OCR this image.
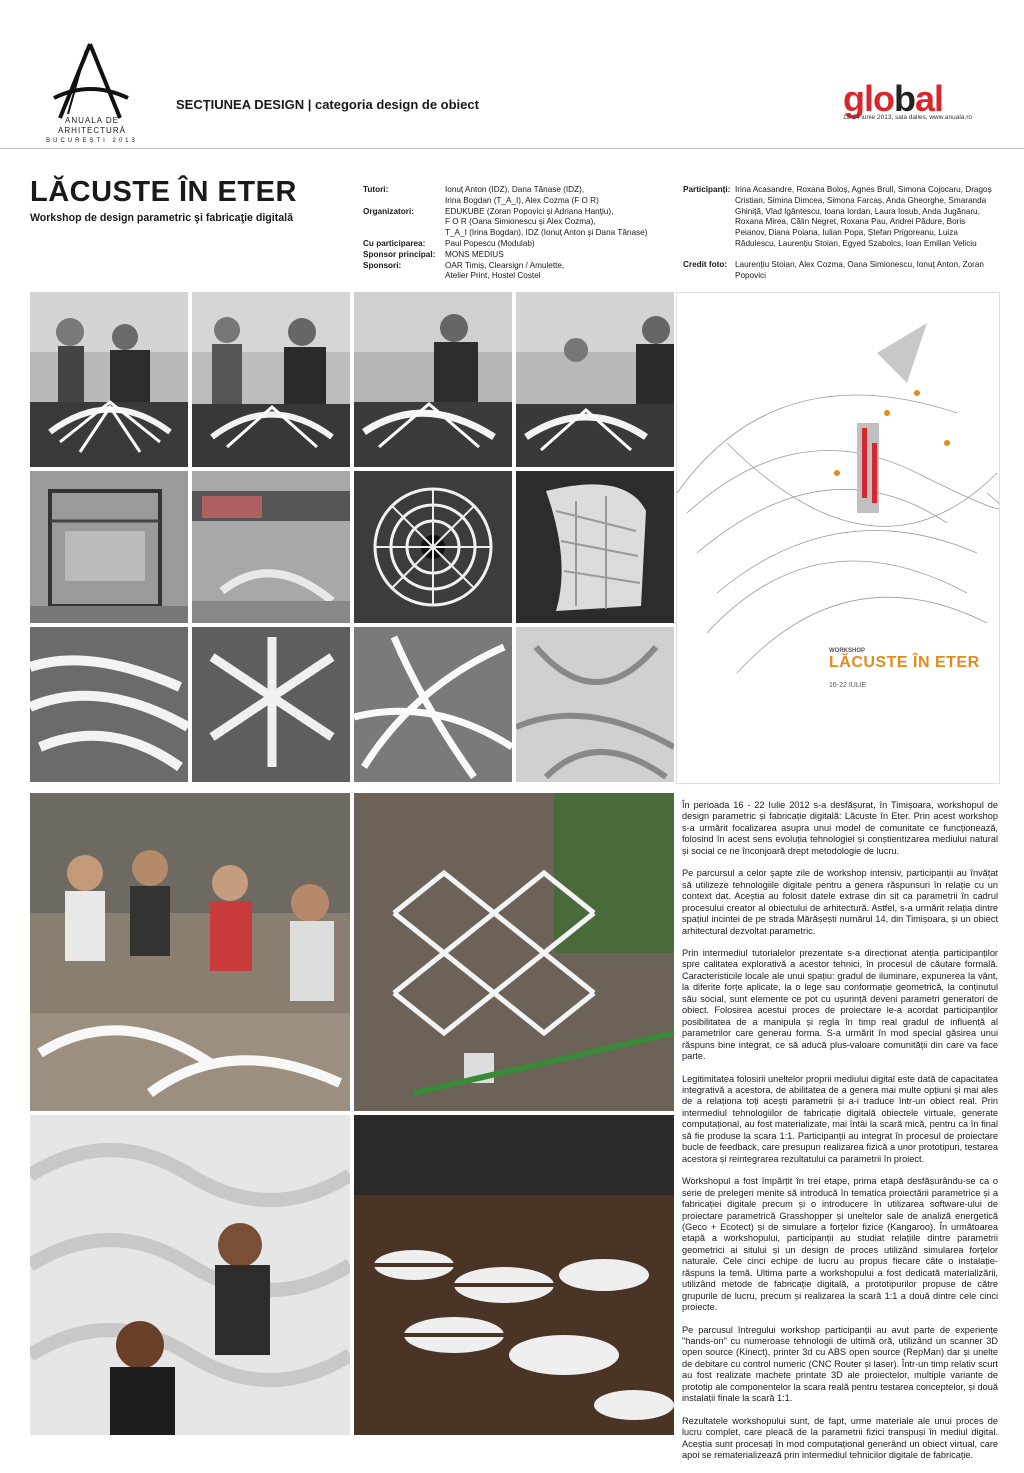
ANUALA DE ARHITECTURĂ
BUCUREȘTI 2013
SECȚIUNEA DESIGN | categoria design de obiect	global
12-24 iunie 2013, sala dalles, www.anuala.ro
LĂCUSTE ÎN ETER
Workshop de design parametric şi fabricaţie digitală
Tutori:	Ionuț Anton (IDZ), Dana Tănase (IDZ),
Irina Bogdan (T_A_I), Alex Cozma (F O R)
Organizatori:	EDUKUBE (Zoran Popovici și Adriana Hanțiu),
F O R (Oana Simionescu și Alex Cozma),
T_A_I (Irina Bogdan), IDZ (Ionuț Anton și Dana Tănase)
Cu participarea:	Paul Popescu (Modulab)
Sponsor principal:	MONS MEDIUS
Sponsori:	OAR Timiș, Clearsign / Amulette,
Atelier Print, Hostel Costel
Participanți: Irina Acasandre, Roxana Boloș, Agnes Brull, Simona Cojocaru, Dragoș Cristian, Simina Dimcea, Simona Farcaș, Anda Gheorghe, Smaranda Ghiniță, Vlad Igântescu, Ioana Iordan, Laura Iosub, Anda Jugănaru, Roxana Mirea, Călin Negret, Roxana Pau, Andrei Pădure, Boris Peianov, Diana Poiana, Iulian Popa, Ștefan Prigoreanu, Luiza Rădulescu, Laurențiu Stoian, Egyed Szabolcs, Ioan Emilian Veliciu
Credit foto: Laurențiu Stoian, Alex Cozma, Oana Simionescu, Ionuț Anton, Zoran Popovici
WORKSHOP
LĂCUSTE ÎN ETER
16-22 IULIE

În perioada 16 - 22 Iulie 2012 s-a desfășurat, în Timișoara, workshopul de design parametric și fabricație digitală: Lăcuste în Eter. Prin acest workshop s-a urmărit focalizarea asupra unui model de comunitate ce funcționează, folosind în acest sens evoluția tehnologiei și conștientizarea mediului natural și social ce ne înconjoară drept metodologie de lucru.

Pe parcursul a celor șapte zile de workshop intensiv, participanții au învățat să utilizeze tehnologiile digitale pentru a genera răspunsuri în relație cu un context dat. Aceștia au folosit datele extrase din sit ca parametrii în cadrul procesului creator al obiectului de arhitectură. Astfel, s-a urmărit relația dintre spațiul incintei de pe strada Mărășești numărul 14, din Timișoara, și un obiect arhitectural dezvoltat parametric.

Prin intermediul tutorialelor prezentate s-a direcționat atenția participanților spre calitatea explorativă a acestor tehnici, în procesul de căutare formală. Caracteristicile locale ale unui spațiu: gradul de iluminare, expunerea la vânt, la diferite forțe aplicate, la o lege sau conformație geometrică, la conținutul său social, sunt elemente ce pot cu ușurință deveni parametri generatori de obiect. Folosirea acestui proces de proiectare le-a acordat participanților posibilitatea de a manipula și regla în timp real gradul de influență al parametrilor care generau forma. S-a urmărit în mod special găsirea unui răspuns bine integrat, ce să aducă plus-valoare comunității din care va face parte.

Legitimitatea folosirii uneltelor proprii mediului digital este dată de capacitatea integrativă a acestora, de abilitatea de a genera mai multe opțiuni și mai ales de a relaționa toți acești parametrii și a-i traduce într-un obiect real. Prin intermediul tehnologiilor de fabricație digitală obiectele virtuale, generate computațional, au fost materializate, mai întâi la scară mică, pentru ca în final să fie produse la scara 1:1. Participanții au integrat în procesul de proiectare bucle de feedback, care presupun realizarea fizică a unor prototipuri, testarea acestora și reintegrarea rezultatului ca parametrii în proiect.

Workshopul a fost împărțit în trei etape, prima etapă desfășurându-se ca o serie de prelegeri menite să introducă în tematica proiectării parametrice și a fabricației digitale precum și o introducere în utilizarea software-ului de proiectare parametrică Grasshopper și uneltelor sale de analiză energetică (Geco + Ecotect) și de simulare a forțelor fizice (Kangaroo). În următoarea etapă a workshopului, participanții au studiat relațiile dintre parametrii geometrici ai sitului și un design de proces utilizând simularea forțelor naturale. Cele cinci echipe de lucru au propus fiecare câte o instalație-răspuns la temă. Ultima parte a workshopului a fost dedicată materializării, utilizând metode de fabricație digitală, a prototipurilor propuse de către grupurile de lucru, precum și realizarea la scară 1:1 a două dintre cele cinci proiecte.

Pe parcusul întregului workshop participanții au avut parte de experiențe "hands-on" cu numeroase tehnologii de ultimă oră, utilizând un scanner 3D open source (Kinect), printer 3d cu ABS open source (RepMan) dar și unelte de debitare cu control numeric (CNC Router și laser). Într-un timp relativ scurt au fost realizate machete printate 3D ale proiectelor, multiple variante de prototip ale componentelor la scara reală pentru testarea conceptelor, și două instalații finale la scară 1:1.

Rezultatele workshopului sunt, de fapt, urme materiale ale unui proces de lucru complet, care pleacă de la parametrii fizici transpuși în mediul digital. Aceștia sunt procesați în mod computațional generând un obiect virtual, care apoi se rematerializează prin intermediul tehnicilor digitale de fabricație.
